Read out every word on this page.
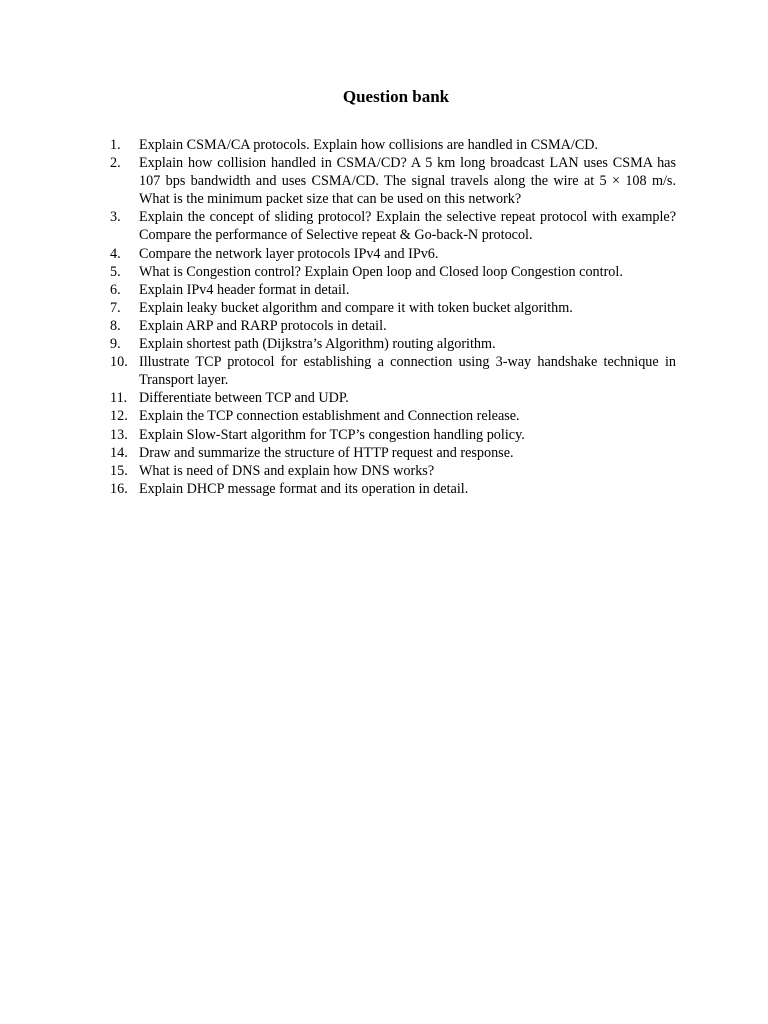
Question bank
1.	Explain CSMA/CA protocols. Explain how collisions are handled in CSMA/CD.
2.	Explain how collision handled in CSMA/CD? A 5 km long broadcast LAN uses CSMA has 107 bps bandwidth and uses CSMA/CD. The signal travels along the wire at 5 × 108 m/s. What is the minimum packet size that can be used on this network?
3.	Explain the concept of sliding protocol? Explain the selective repeat protocol with example? Compare the performance of Selective repeat & Go-back-N protocol.
4.	Compare the network layer protocols IPv4 and IPv6.
5.	What is Congestion control? Explain Open loop and Closed loop Congestion control.
6.	Explain IPv4 header format in detail.
7.	Explain leaky bucket algorithm and compare it with token bucket algorithm.
8.	Explain ARP and RARP protocols in detail.
9.	Explain shortest path (Dijkstra’s Algorithm) routing algorithm.
10. Illustrate TCP protocol for establishing a connection using 3-way handshake technique in Transport layer.
11. Differentiate between TCP and UDP.
12. Explain the TCP connection establishment and Connection release.
13. Explain Slow-Start algorithm for TCP’s congestion handling policy.
14. Draw and summarize the structure of HTTP request and response.
15. What is need of DNS and explain how DNS works?
16. Explain DHCP message format and its operation in detail.
